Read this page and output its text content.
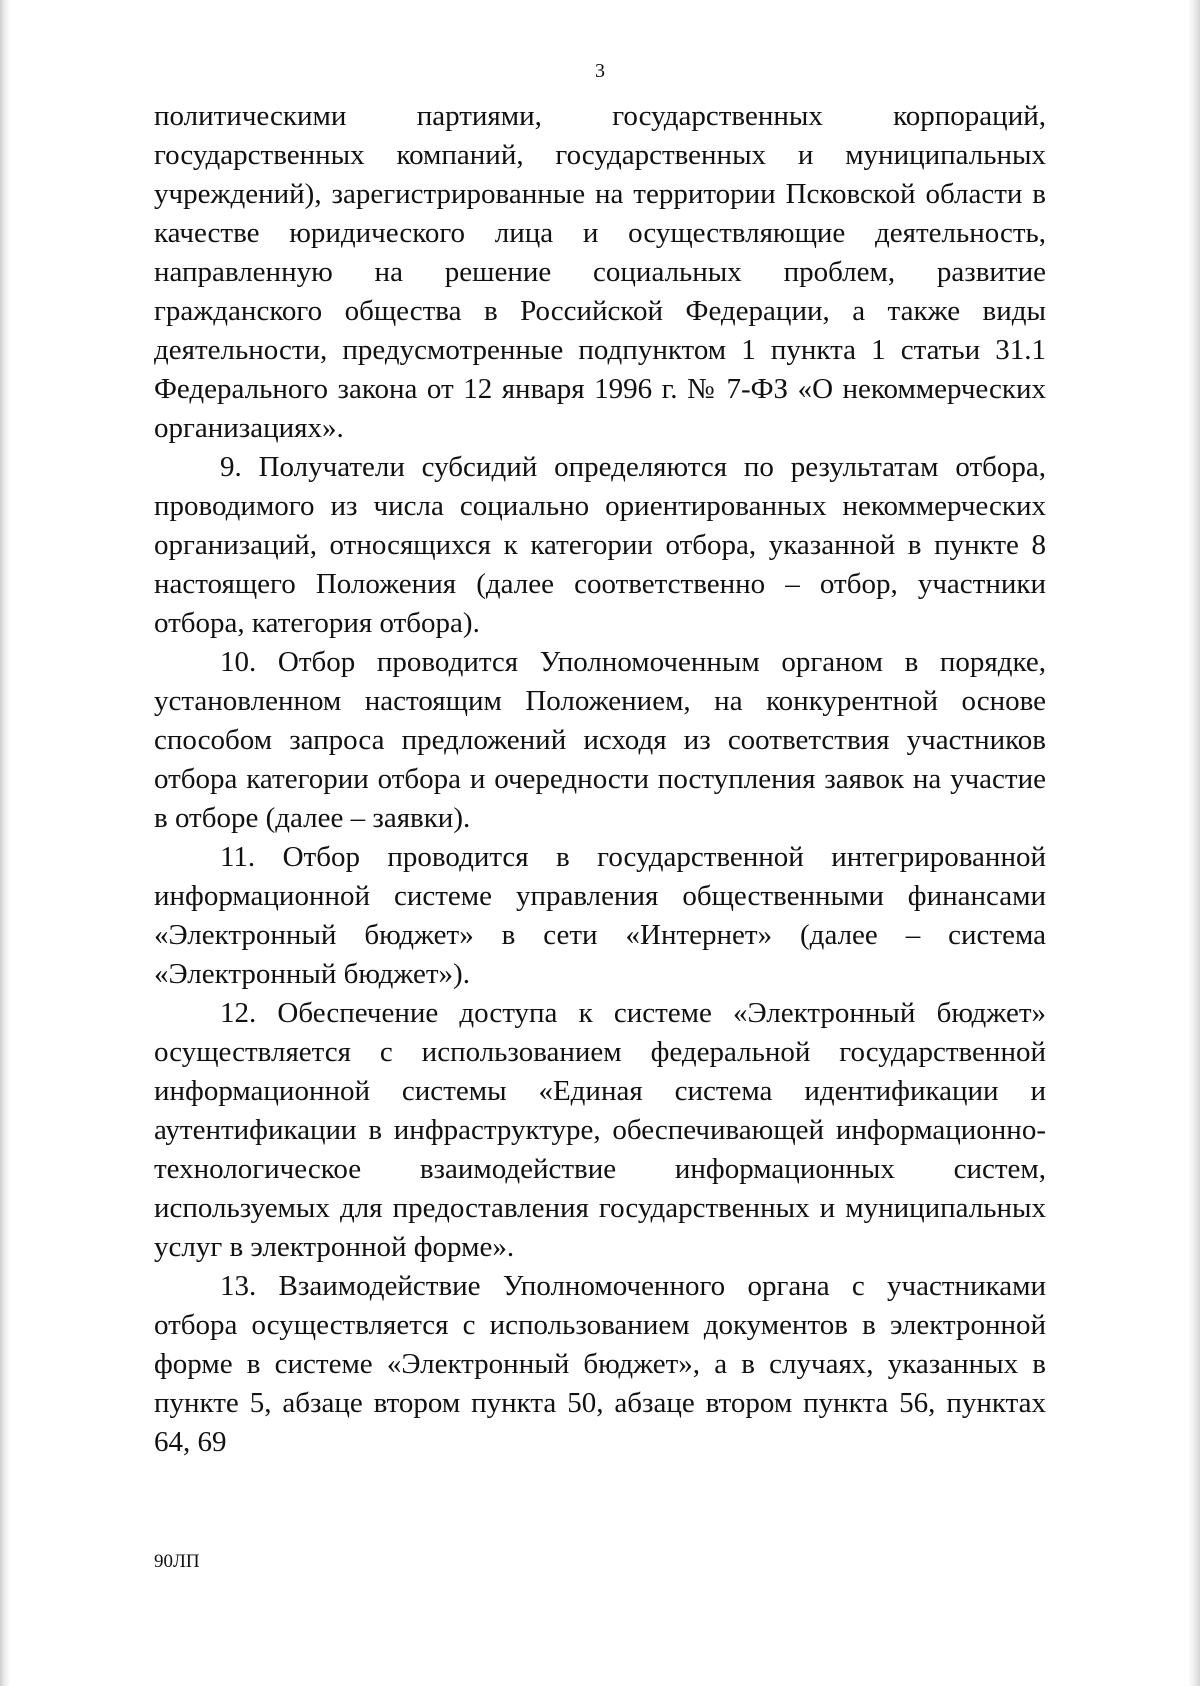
3

политическими партиями, государственных корпораций, государственных компаний, государственных и муниципальных учреждений), зарегистрированные на территории Псковской области в качестве юридического лица и осуществляющие деятельность, направленную на решение социальных проблем, развитие гражданского общества в Российской Федерации, а также виды деятельности, предусмотренные подпунктом 1 пункта 1 статьи 31.1 Федерального закона от 12 января 1996 г. № 7-ФЗ «О некоммерческих организациях».

9. Получатели субсидий определяются по результатам отбора, проводимого из числа социально ориентированных некоммерческих организаций, относящихся к категории отбора, указанной в пункте 8 настоящего Положения (далее соответственно – отбор, участники отбора, категория отбора).

10. Отбор проводится Уполномоченным органом в порядке, установленном настоящим Положением, на конкурентной основе способом запроса предложений исходя из соответствия участников отбора категории отбора и очередности поступления заявок на участие в отборе (далее – заявки).

11. Отбор проводится в государственной интегрированной информационной системе управления общественными финансами «Электронный бюджет» в сети «Интернет» (далее – система «Электронный бюджет»).

12. Обеспечение доступа к системе «Электронный бюджет» осуществляется с использованием федеральной государственной информационной системы «Единая система идентификации и аутентификации в инфраструктуре, обеспечивающей информационно-технологическое взаимодействие информационных систем, используемых для предоставления государственных и муниципальных услуг в электронной форме».

13. Взаимодействие Уполномоченного органа с участниками отбора осуществляется с использованием документов в электронной форме в системе «Электронный бюджет», а в случаях, указанных в пункте 5, абзаце втором пункта 50, абзаце втором пункта 56, пунктах 64, 69

90ЛП
